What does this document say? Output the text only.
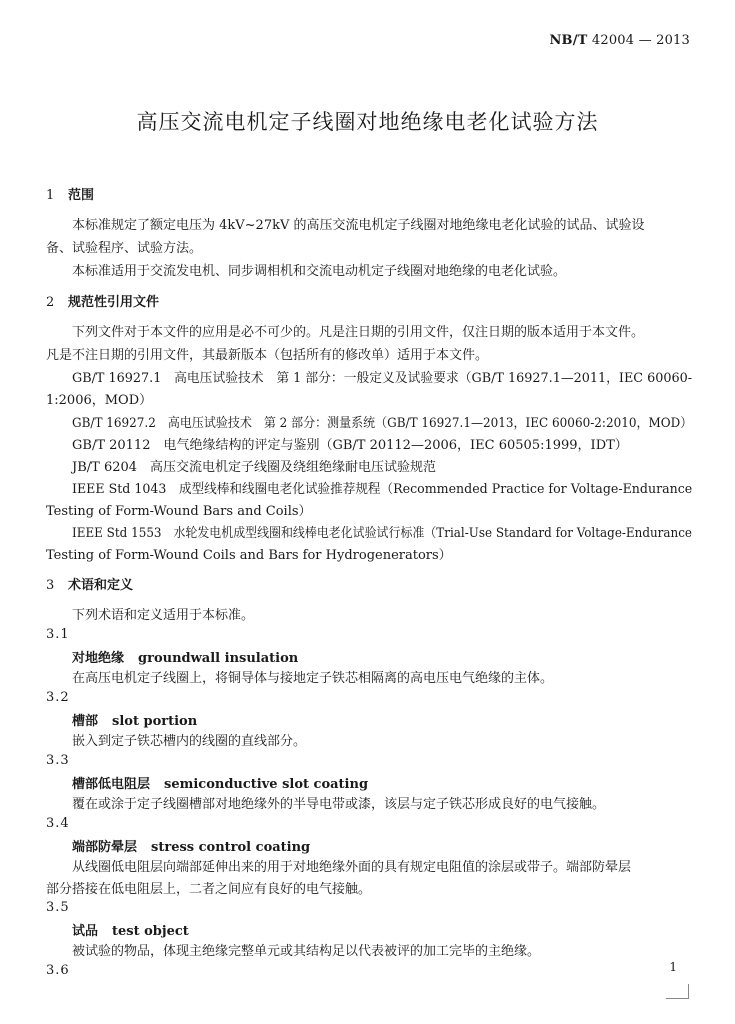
NB/T 42004 — 2013
高压交流电机定子线圈对地绝缘电老化试验方法
1 范围
本标准规定了额定电压为 4kV~27kV 的高压交流电机定子线圈对地绝缘电老化试验的试品、试验设
备、试验程序、试验方法。
本标准适用于交流发电机、同步调相机和交流电动机定子线圈对地绝缘的电老化试验。
2 规范性引用文件
下列文件对于本文件的应用是必不可少的。凡是注日期的引用文件，仅注日期的版本适用于本文件。
凡是不注日期的引用文件，其最新版本（包括所有的修改单）适用于本文件。
GB/T 16927.1　高电压试验技术　第 1 部分：一般定义及试验要求（GB/T 16927.1—2011，IEC 60060-
1:2006，MOD）
GB/T 16927.2　高电压试验技术　第 2 部分：测量系统（GB/T 16927.1—2013，IEC 60060-2:2010，MOD）
GB/T 20112　电气绝缘结构的评定与鉴别（GB/T 20112—2006，IEC 60505:1999，IDT）
JB/T 6204　高压交流电机定子线圈及绕组绝缘耐电压试验规范
IEEE Std 1043　成型线棒和线圈电老化试验推荐规程（Recommended Practice for Voltage-Endurance
Testing of Form-Wound Bars and Coils）
IEEE Std 1553　水轮发电机成型线圈和线棒电老化试验试行标准（Trial-Use Standard for Voltage-Endurance
Testing of Form-Wound Coils and Bars for Hydrogenerators）
3 术语和定义
下列术语和定义适用于本标准。
3.1
对地绝缘 groundwall insulation
在高压电机定子线圈上，将铜导体与接地定子铁芯相隔离的高电压电气绝缘的主体。
3.2
槽部 slot portion
嵌入到定子铁芯槽内的线圈的直线部分。
3.3
槽部低电阻层 semiconductive slot coating
覆在或涂于定子线圈槽部对地绝缘外的半导电带或漆，该层与定子铁芯形成良好的电气接触。
3.4
端部防晕层 stress control coating
从线圈低电阻层向端部延伸出来的用于对地绝缘外面的具有规定电阻值的涂层或带子。端部防晕层
部分搭接在低电阻层上，二者之间应有良好的电气接触。
3.5
试品 test object
被试验的物品，体现主绝缘完整单元或其结构足以代表被评的加工完毕的主绝缘。
3.6	1
